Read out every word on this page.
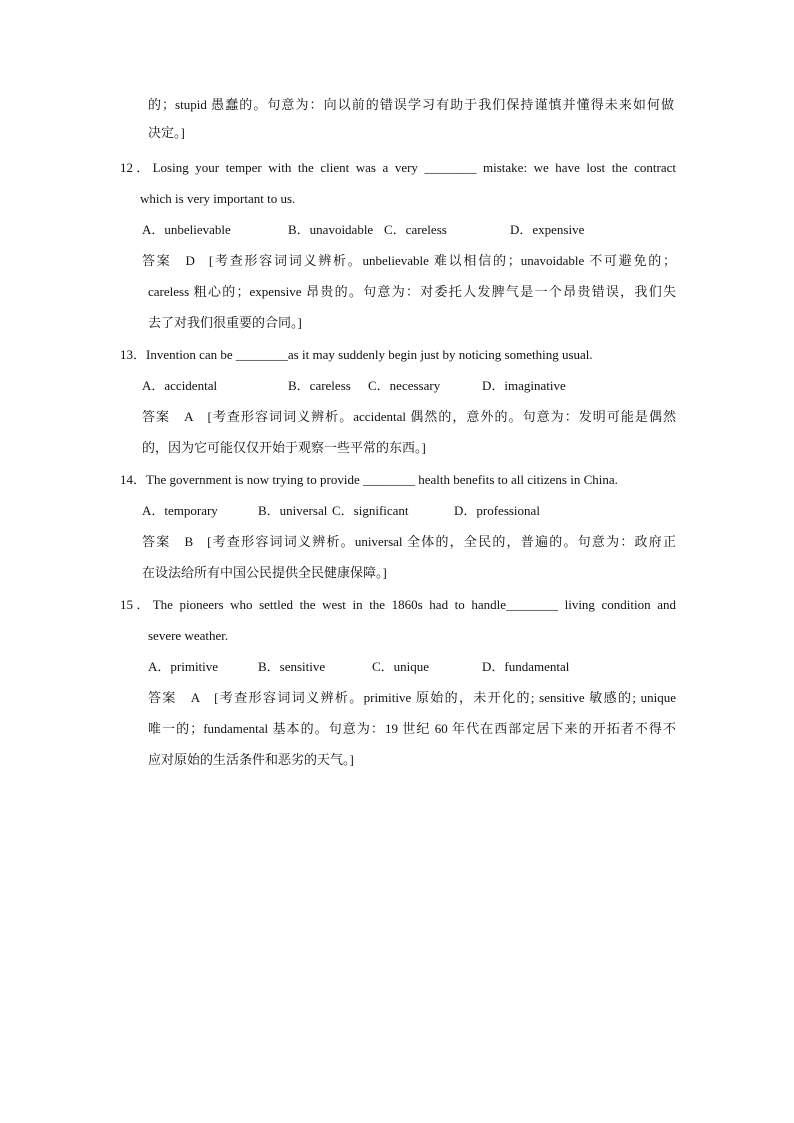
的；stupid 愚蠢的。句意为：向以前的错误学习有助于我们保持谨慎并懂得未来如何做
决定。]
12．Losing your temper with the client was a very ________ mistake: we have lost the contract
which is very important to us.
A．unbelievable	B．unavoidable C．careless	D．expensive
答案 D [考查形容词词义辨析。unbelievable 难以相信的；unavoidable 不可避免的；
careless 粗心的；expensive 昂贵的。句意为：对委托人发脾气是一个昂贵错误，我们失
去了对我们很重要的合同。]
13．Invention can be ________as it may suddenly begin just by noticing something usual.
A．accidental	B．careless C．necessary	D．imaginative
答案 A [考查形容词词义辨析。accidental 偶然的，意外的。句意为：发明可能是偶然
的，因为它可能仅仅开始于观察一些平常的东西。]
14．The government is now trying to provide ________ health benefits to all citizens in China.
A．temporary	B．universal C．significant	D．professional
答案 B [考查形容词词义辨析。universal 全体的，全民的，普遍的。句意为：政府正
在设法给所有中国公民提供全民健康保障。]
15．The pioneers who settled the west in the 1860s had to handle________ living condition and
severe weather.
A．primitive	B．sensitive	C．unique	D．fundamental
答案 A [考查形容词词义辨析。primitive 原始的，未开化的; sensitive 敏感的; unique
唯一的；fundamental 基本的。句意为：19 世纪 60 年代在西部定居下来的开拓者不得不
应对原始的生活条件和恶劣的天气。]
